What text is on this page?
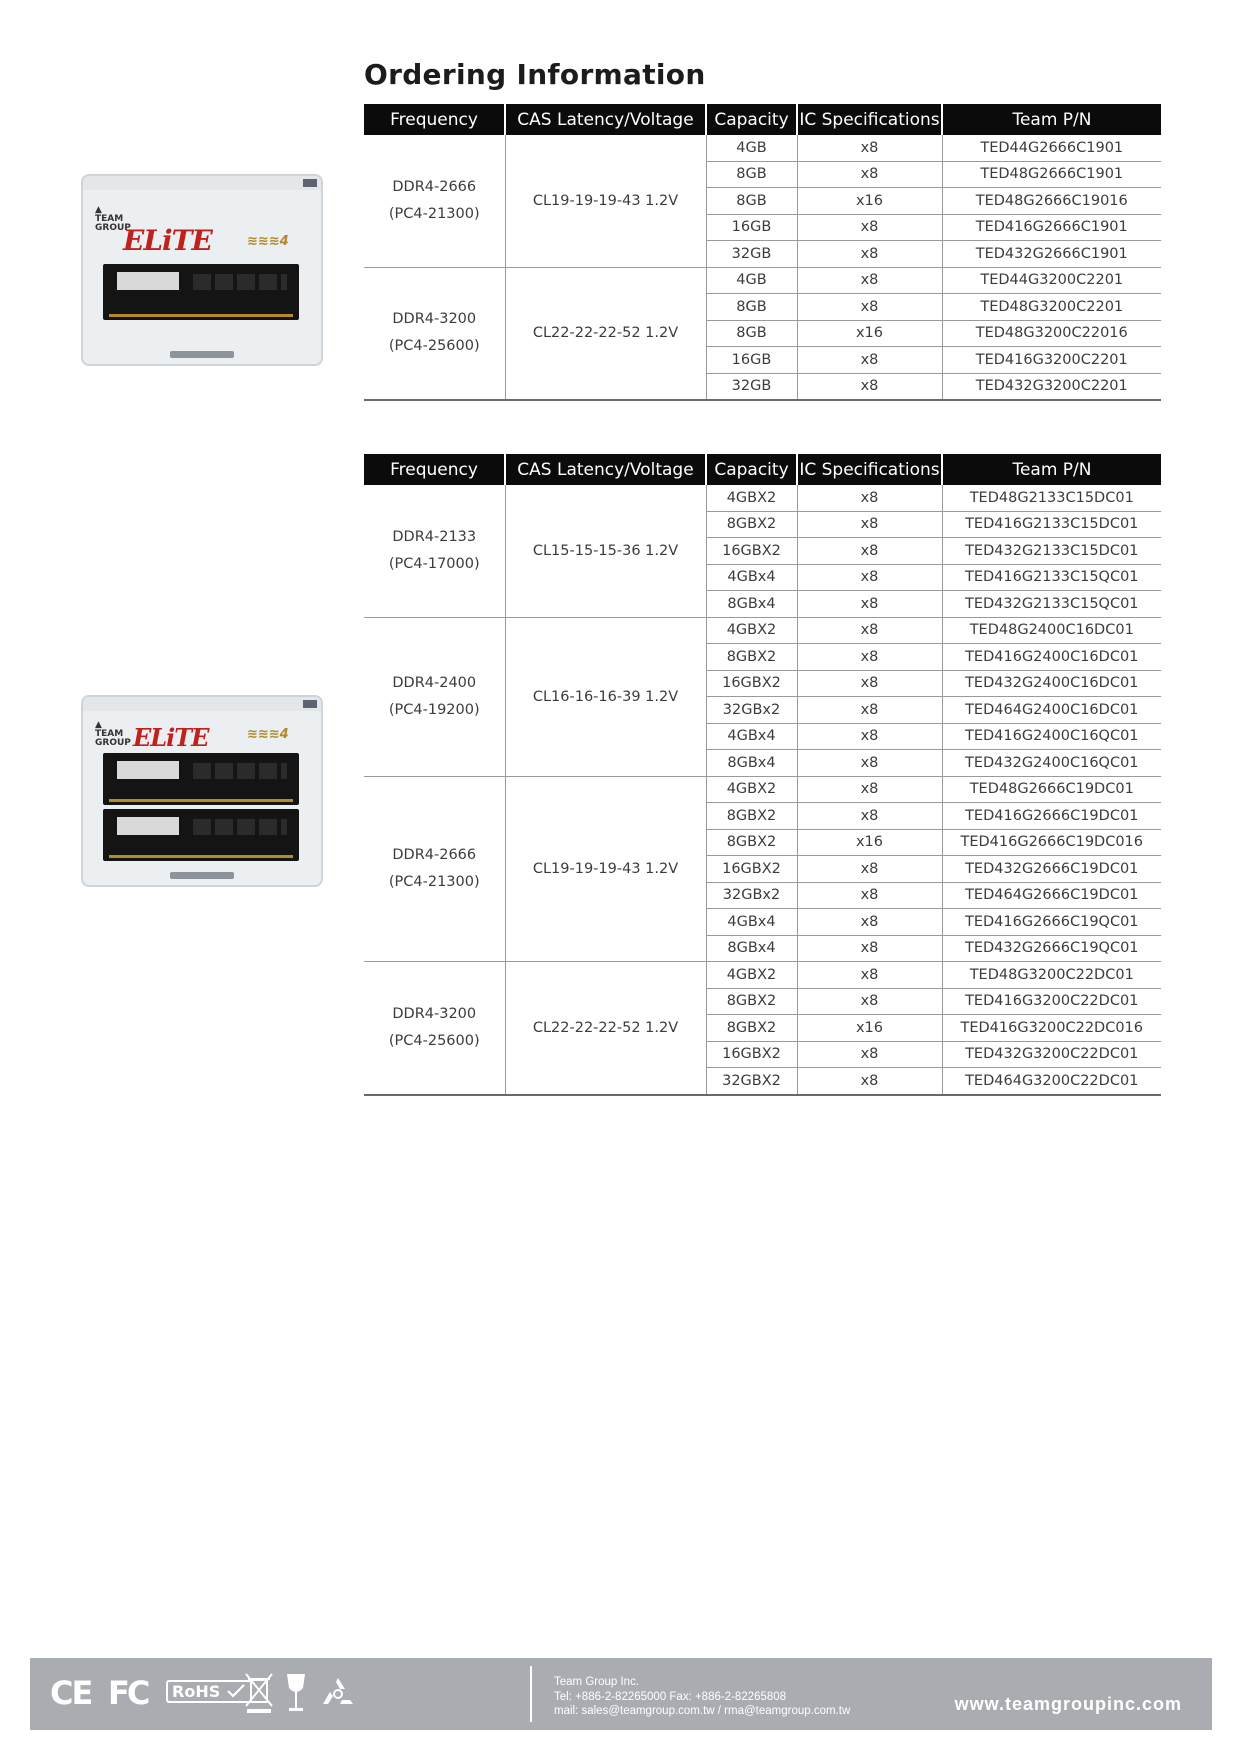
Ordering Information

▲
TEAM
GROUP
ELiTE	≋≋≋4

▲
TEAM
GROUP ELiTE	≋≋≋4
Frequency	CAS Latency/Voltage	Capacity	IC Specifications	Team P/N

DDR4-2666
(PC4-21300)	CL19-19-19-43 1.2V	4GB	x8	TED44G2666C1901
		8GB	x8	TED48G2666C1901
		8GB	x16	TED48G2666C19016
		16GB	x8	TED416G2666C1901
		32GB	x8	TED432G2666C1901

DDR4-3200
(PC4-25600)	CL22-22-22-52 1.2V	4GB	x8	TED44G3200C2201
		8GB	x8	TED48G3200C2201
		8GB	x16	TED48G3200C22016
		16GB	x8	TED416G3200C2201
		32GB	x8	TED432G3200C2201
Frequency	CAS Latency/Voltage	Capacity	IC Specifications	Team P/N

DDR4-2133
(PC4-17000)	CL15-15-15-36 1.2V	4GBX2	x8	TED48G2133C15DC01
		8GBX2	x8	TED416G2133C15DC01
		16GBX2	x8	TED432G2133C15DC01
		4GBx4	x8	TED416G2133C15QC01
		8GBx4	x8	TED432G2133C15QC01

DDR4-2400
(PC4-19200)	CL16-16-16-39 1.2V	4GBX2	x8	TED48G2400C16DC01
		8GBX2	x8	TED416G2400C16DC01
		16GBX2	x8	TED432G2400C16DC01
		32GBx2	x8	TED464G2400C16DC01
		4GBx4	x8	TED416G2400C16QC01
		8GBx4	x8	TED432G2400C16QC01

DDR4-2666
(PC4-21300)	CL19-19-19-43 1.2V	4GBX2	x8	TED48G2666C19DC01
		8GBX2	x8	TED416G2666C19DC01
		8GBX2	x16	TED416G2666C19DC016
		16GBX2	x8	TED432G2666C19DC01
		32GBx2	x8	TED464G2666C19DC01
		4GBx4	x8	TED416G2666C19QC01
		8GBx4	x8	TED432G2666C19QC01

DDR4-3200
(PC4-25600)	CL22-22-22-52 1.2V	4GBX2	x8	TED48G3200C22DC01
		8GBX2	x8	TED416G3200C22DC01
		8GBX2	x16	TED416G3200C22DC016
		16GBX2	x8	TED432G3200C22DC01
		32GBX2	x8	TED464G3200C22DC01
CE FC	RoHS	Team Group Inc.
Tel: +886-2-82265000 Fax: +886-2-82265808
mail: sales@teamgroup.com.tw / rma@teamgroup.com.tw	www.teamgroupinc.com
